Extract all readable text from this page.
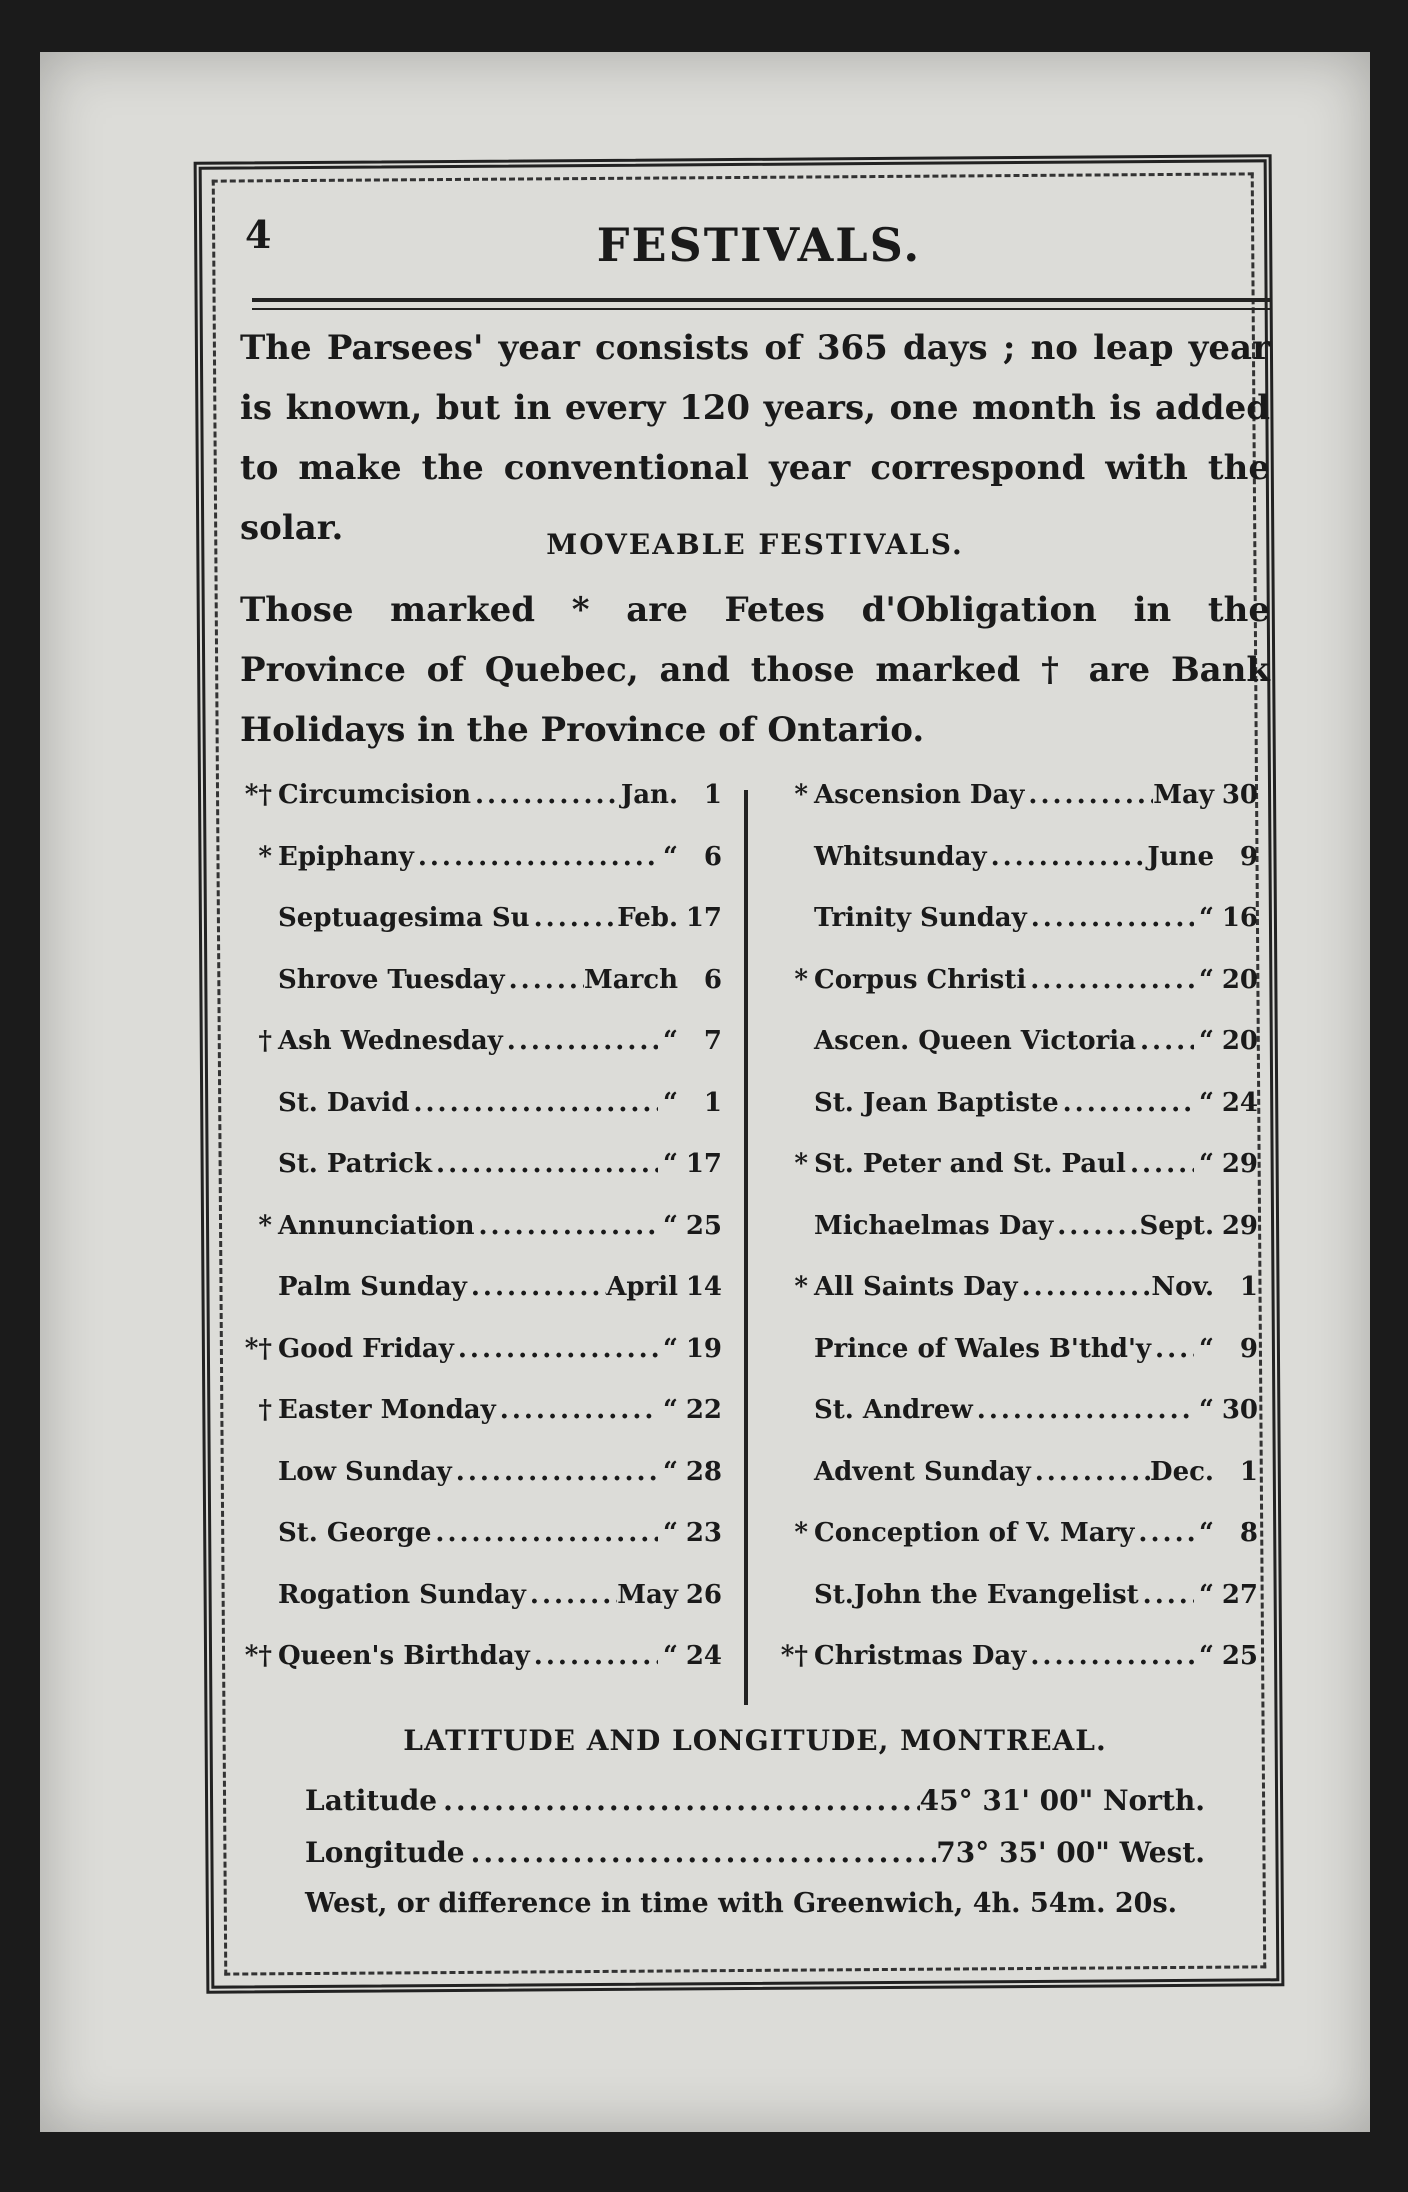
4	FESTIVALS.
The Parsees' year consists of 365 days ; no leap year is known, but in every 120 years, one month is added to make the conventional year correspond with the solar.	MOVEABLE FESTIVALS.
Those marked * are Fetes d'Obligation in the Province of Quebec, and those marked † are Bank Holidays in the Province of Ontario.
*† Circumcision .....	Jan. 1
* Epiphany .....	“ 6
Septuagesima Su .....	Feb. 17
Shrove Tuesday .....	March 6
† Ash Wednesday .....	“ 7
St. David .....	“ 1
St. Patrick .....	“ 17
* Annunciation .....	“ 25
Palm Sunday .....	April 14
*† Good Friday .....	“ 19
† Easter Monday .....	“ 22
Low Sunday .....	“ 28
St. George .....	“ 23
Rogation Sunday .....	May 26
*† Queen's Birthday .....	“ 24
* Ascension Day .....	May 30
Whitsunday .....	June 9
Trinity Sunday .....	“ 16
* Corpus Christi .....	“ 20
Ascen. Queen Victoria ..... “ 20
St. Jean Baptiste .....	“ 24
* St. Peter and St. Paul .....	“ 29
Michaelmas Day .....	Sept. 29
* All Saints Day .....	Nov. 1
Prince of Wales B'thd'y ..... “ 9
St. Andrew .....	“ 30
Advent Sunday .....	Dec. 1
* Conception of V. Mary ..... “ 8
St.John the Evangelist ..... “ 27
*† Christmas Day .....	“ 25
LATITUDE AND LONGITUDE, MONTREAL.
Latitude .....	45° 31' 00" North.
Longitude .....	73° 35' 00" West.
West, or difference in time with Greenwich, 4h. 54m. 20s.
